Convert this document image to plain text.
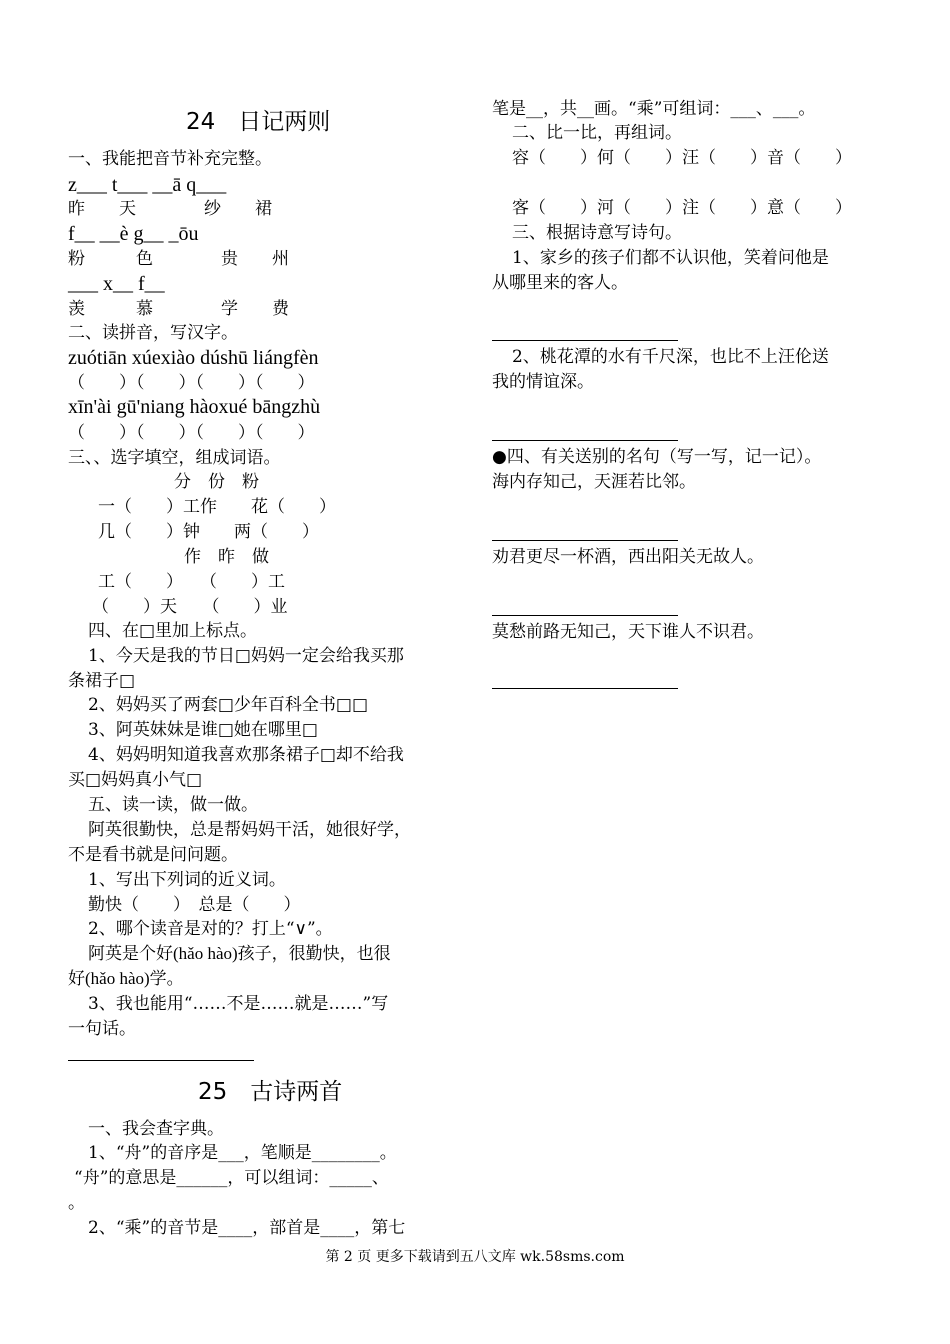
24　日记两则
一、我能把音节补充完整。
z___ t___ __ā q___
昨　　天　　　　纱　　裙
f__ __è g__ _ōu
粉　　　色　　　　贵　　州
___ x__ f__
羡　　　慕　　　　学　　费
二、读拼音，写汉字。
zuótiān xúexiào dúshū liángfèn
（　　）（　　）（　　）（　　）
xīn'ài gū'niang hàoxué bāngzhù
（　　）（　　）（　　）（　　）
三、、选字填空，组成词语。
分　份　粉
一（　　）工作　　花（　　）
几（　　）钟　　两（　　）
作　昨　做
工（　　）　　（　　）工
（　　）天　　（　　）业
四、在□里加上标点。
1、今天是我的节日□妈妈一定会给我买那
条裙子□
2、妈妈买了两套□少年百科全书□□
3、阿英妹妹是谁□她在哪里□
4、妈妈明知道我喜欢那条裙子□却不给我
买□妈妈真小气□
五、读一读，做一做。
阿英很勤快，总是帮妈妈干活，她很好学，
不是看书就是问问题。
1、写出下列词的近义词。
勤快（　　）　总是（　　）
2、哪个读音是对的？打上“∨”。
阿英是个好(hǎo hào)孩子，很勤快，也很
好(hǎo hào)学。
3、我也能用“……不是……就是……”写
一句话。
25　古诗两首
一、我会查字典。
1、“舟”的音序是___，笔顺是________。
“舟”的意思是______，可以组词：_____、
。
2、“乘”的音节是____，部首是____，第七
笔是__，共__画。“乘”可组词：___、___。
二、比一比，再组词。
容（　　）何（　　）汪（　　）音（　　）
客（　　）河（　　）注（　　）意（　　）
三、根据诗意写诗句。
1、家乡的孩子们都不认识他，笑着问他是
从哪里来的客人。
2、桃花潭的水有千尺深，也比不上汪伦送
我的情谊深。
●四、有关送别的名句（写一写，记一记）。
海内存知己，天涯若比邻。
劝君更尽一杯酒，西出阳关无故人。
莫愁前路无知己，天下谁人不识君。
第 2 页 更多下载请到五八文库 wk.58sms.com
